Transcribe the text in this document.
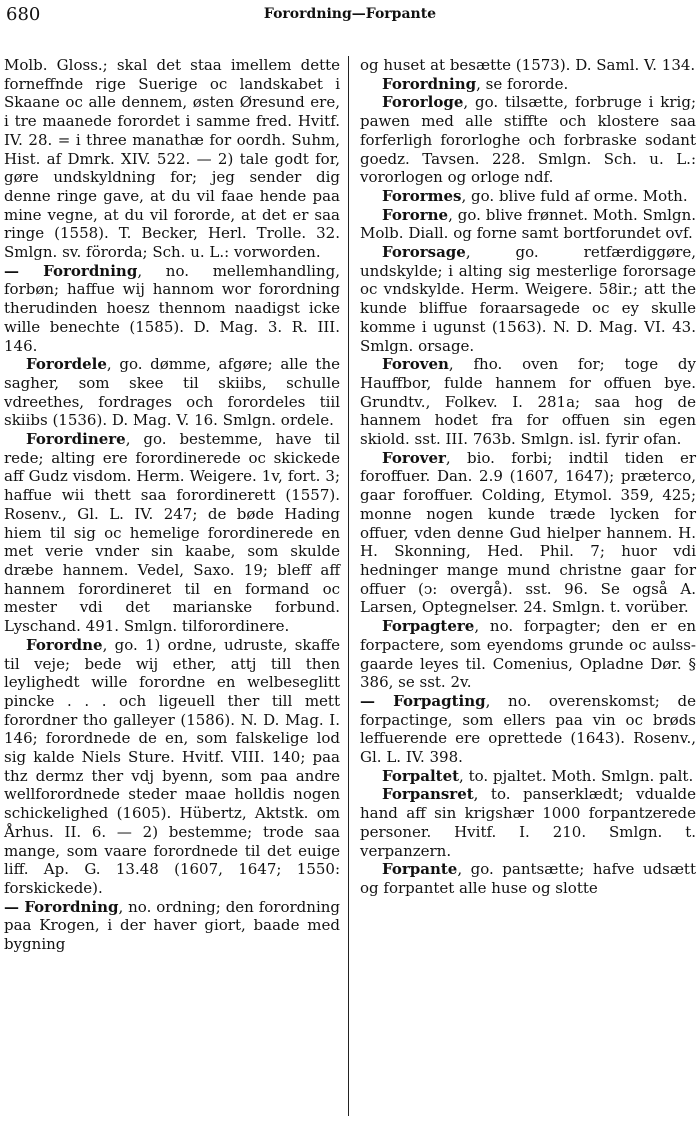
680	Forordning—Forpante

Molb. Gloss.; skal det staa imellem dette forneffnde rige Suerige oc landskabet i Skaane oc alle dennem, østen Øresund ere, i tre maanede forordet i samme fred. Hvitf. IV. 28. = i three manathæ for oordh. Suhm, Hist. af Dmrk. XIV. 522. — 2) tale godt for, gøre undskyldning for; jeg sender dig denne ringe gave, at du vil faae hende paa mine vegne, at du vil fororde, at det er saa ringe (1558). T. Becker, Herl. Trolle. 32. Smlgn. sv. förorda; Sch. u. L.: vorworden.

— Forordning, no. mellemhandling, forbøn; haffue wij hannom wor forordning therudinden hoesz thennom naadigst icke wille benechte (1585). D. Mag. 3. R. III. 146.

Forordele, go. dømme, afgøre; alle the sagher, som skee til skiibs, schulle vdreethes, fordrages och forordeles tiil skiibs (1536). D. Mag. V. 16. Smlgn. ordele.

Forordinere, go. bestemme, have til rede; alting ere forordinerede oc skickede aff Gudz visdom. Herm. Weigere. 1v, fort. 3; haffue wii thett saa forordinerett (1557). Rosenv., Gl. L. IV. 247; de bøde Hading hiem til sig oc hemelige forordinerede en met verie vnder sin kaabe, som skulde dræbe hannem. Vedel, Saxo. 19; bleff aff hannem forordineret til en formand oc mester vdi det marianske forbund. Lyschand. 491. Smlgn. tilforordinere.

Forordne, go. 1) ordne, udruste, skaffe til veje; bede wij ether, attj till then leylighedt wille forordne en welbeseglitt pincke . . . och ligeuell ther till mett forordner tho galleyer (1586). N. D. Mag. I. 146; forordnede de en, som falskelige lod sig kalde Niels Sture. Hvitf. VIII. 140; paa thz dermz ther vdj byenn, som paa andre wellforordnede steder maae holldis nogen schickelighed (1605). Hübertz, Aktstk. om Århus. II. 6. — 2) bestemme; trode saa mange, som vaare forordnede til det euige liff. Ap. G. 13.48 (1607, 1647; 1550: forskickede).

— Forordning, no. ordning; den forordning paa Krogen, i der haver giort, baade med bygning

og huset at besætte (1573). D. Saml. V. 134.

Forordning, se fororde.

Fororloge, go. tilsætte, forbruge i krig; pawen med alle stiffte och klostere saa forferligh fororloghe och forbraske sodant goedz. Tavsen. 228. Smlgn. Sch. u. L.: vororlogen og orloge ndf.

Forormes, go. blive fuld af orme. Moth.

Fororne, go. blive frønnet. Moth. Smlgn. Molb. Diall. og forne samt bortforundet ovf.

Fororsage, go. retfærdiggøre, undskylde; i alting sig mesterlige fororsage oc vndskylde. Herm. Weigere. 58ir.; att the kunde bliffue foraarsagede oc ey skulle komme i ugunst (1563). N. D. Mag. VI. 43. Smlgn. orsage.

Foroven, fho. oven for; toge dy Hauffbor, fulde hannem for offuen bye. Grundtv., Folkev. I. 281a; saa hog de hannem hodet fra for offuen sin egen skiold. sst. III. 763b. Smlgn. isl. fyrir ofan.

Forover, bio. forbi; indtil tiden er foroffuer. Dan. 2.9 (1607, 1647); præterco, gaar foroffuer. Colding, Etymol. 359, 425; monne nogen kunde træde lycken for offuer, vden denne Gud hielper hannem. H. H. Skonning, Hed. Phil. 7; huor vdi hedninger mange mund christne gaar for offuer (ↄ: overgå). sst. 96. Se også A. Larsen, Optegnelser. 24. Smlgn. t. vorüber.

Forpagtere, no. forpagter; den er en forpactere, som eyendoms grunde oc aulss-gaarde leyes til. Comenius, Opladne Dør. § 386, se sst. 2v.

— Forpagting, no. overenskomst; de forpactinge, som ellers paa vin oc brøds leffuerende ere oprettede (1643). Rosenv., Gl. L. IV. 398.

Forpaltet, to. pjaltet. Moth. Smlgn. palt.

Forpansret, to. panserklædt; vdualde hand aff sin krigshær 1000 forpantzerede personer. Hvitf. I. 210. Smlgn. t. verpanzern.

Forpante, go. pantsætte; hafve udsætt og forpantet alle huse og slotte
